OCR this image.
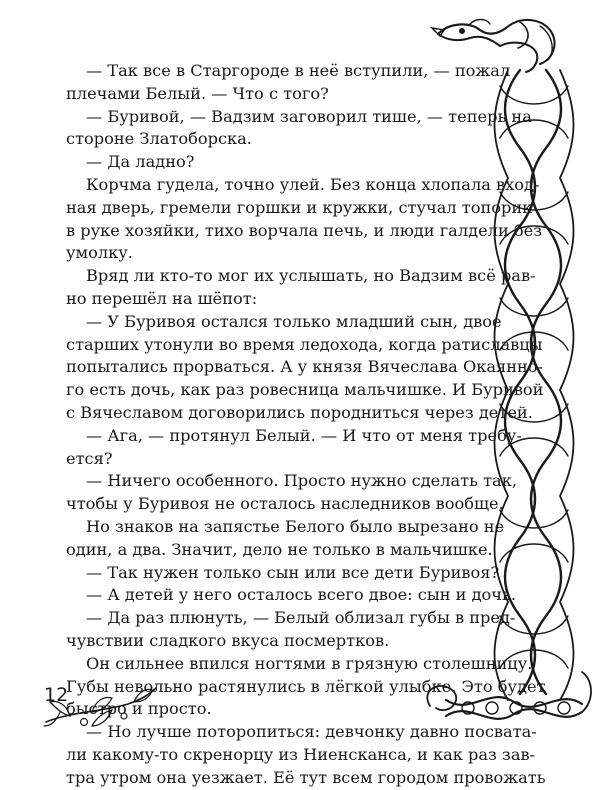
— Так все в Старгороде в неё вступили, — пожал
плечами Белый. — Что с того?
— Буривой, — Вадзим заговорил тише, — теперь на
стороне Златоборска.
— Да ладно?
Корчма гудела, точно улей. Без конца хлопала вход-
ная дверь, гремели горшки и кружки, стучал топорик
в руке хозяйки, тихо ворчала печь, и люди галдели без
умолку.
Вряд ли кто-то мог их услышать, но Вадзим всё рав-
но перешёл на шёпот:
— У Буривоя остался только младший сын, двое
старших утонули во время ледохода, когда ратиславцы
попытались прорваться. А у князя Вячеслава Окаянно-
го есть дочь, как раз ровесница мальчишке. И Буривой
с Вячеславом договорились породниться через детей.
— Ага, — протянул Белый. — И что от меня требу-
ется?
— Ничего особенного. Просто нужно сделать так,
чтобы у Буривоя не осталось наследников вообще.
Но знаков на запястье Белого было вырезано не
один, а два. Значит, дело не только в мальчишке.
— Так нужен только сын или все дети Буривоя?
— А детей у него осталось всего двое: сын и дочь.
— Да раз плюнуть, — Белый облизал губы в пред-
чувствии сладкого вкуса посмертков.
Он сильнее впился ногтями в грязную столешницу.
Губы невольно растянулись в лёгкой улыбке. Это будет
быстро и просто.
— Но лучше поторопиться: девчонку давно посвата-
ли какому-то скренорцу из Ниенсканса, и как раз зав-
тра утром она уезжает. Её тут всем городом провожать
12
